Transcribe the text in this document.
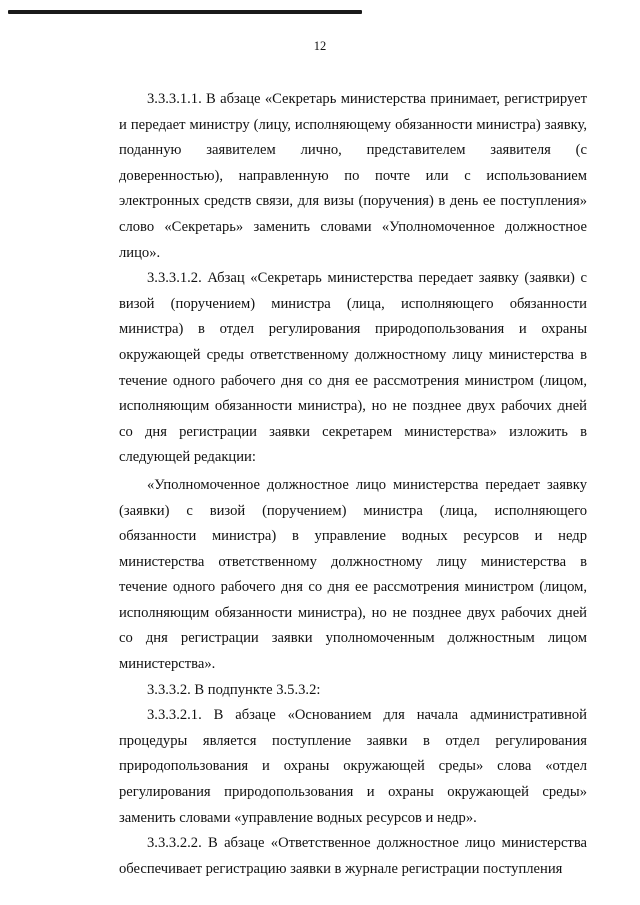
12

3.3.3.1.1. В абзаце «Секретарь министерства принимает, регистрирует и передает министру (лицу, исполняющему обязанности министра) заявку, поданную заявителем лично, представителем заявителя (с доверенностью), направленную по почте или с использованием электронных средств связи, для визы (поручения) в день ее поступления» слово «Секретарь» заменить словами «Уполномоченное должностное лицо».

3.3.3.1.2. Абзац «Секретарь министерства передает заявку (заявки) с визой (поручением) министра (лица, исполняющего обязанности министра) в отдел регулирования природопользования и охраны окружающей среды ответственному должностному лицу министерства в течение одного рабочего дня со дня ее рассмотрения министром (лицом, исполняющим обязанности министра), но не позднее двух рабочих дней со дня регистрации заявки секретарем министерства» изложить в следующей редакции:

«Уполномоченное должностное лицо министерства передает заявку (заявки) с визой (поручением) министра (лица, исполняющего обязанности министра) в управление водных ресурсов и недр министерства ответственному должностному лицу министерства в течение одного рабочего дня со дня ее рассмотрения министром (лицом, исполняющим обязанности министра), но не позднее двух рабочих дней со дня регистрации заявки уполномоченным должностным лицом министерства».

3.3.3.2. В подпункте 3.5.3.2:

3.3.3.2.1. В абзаце «Основанием для начала административной процедуры является поступление заявки в отдел регулирования природопользования и охраны окружающей среды» слова «отдел регулирования природопользования и охраны окружающей среды» заменить словами «управление водных ресурсов и недр».

3.3.3.2.2. В абзаце «Ответственное должностное лицо министерства обеспечивает регистрацию заявки в журнале регистрации поступления
